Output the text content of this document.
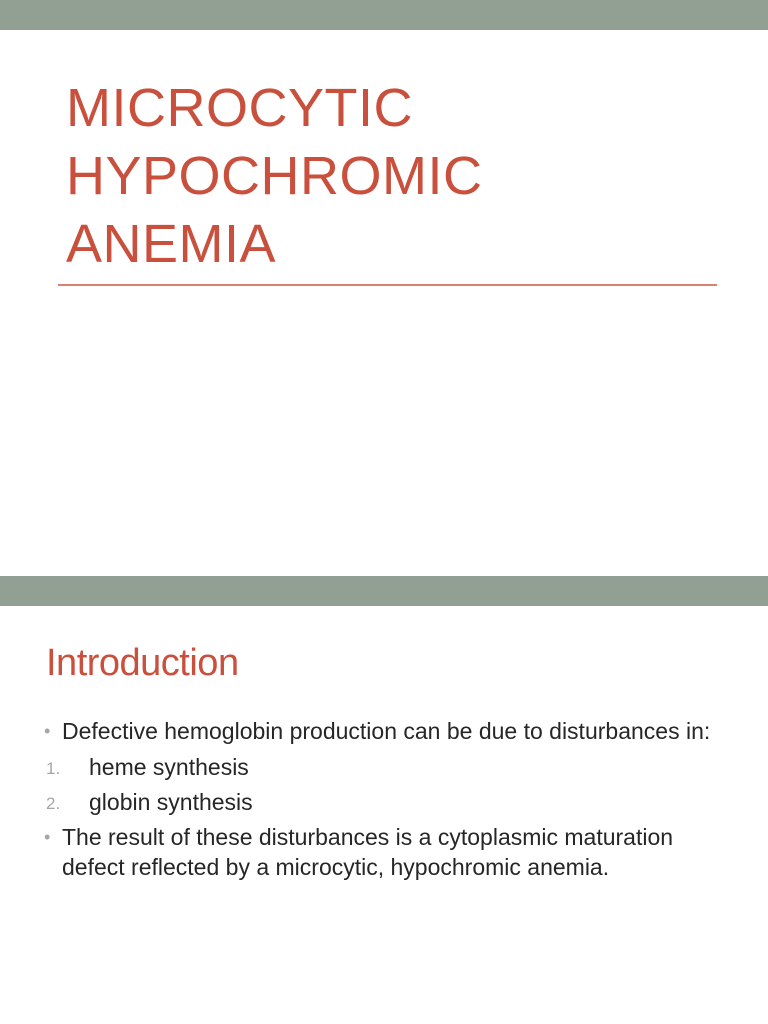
MICROCYTIC
HYPOCHROMIC
ANEMIA
Introduction
• Defective hemoglobin production can be due to disturbances in:
1. heme synthesis
2. globin synthesis
• The result of these disturbances is a cytoplasmic maturation defect reflected by a microcytic, hypochromic anemia.
